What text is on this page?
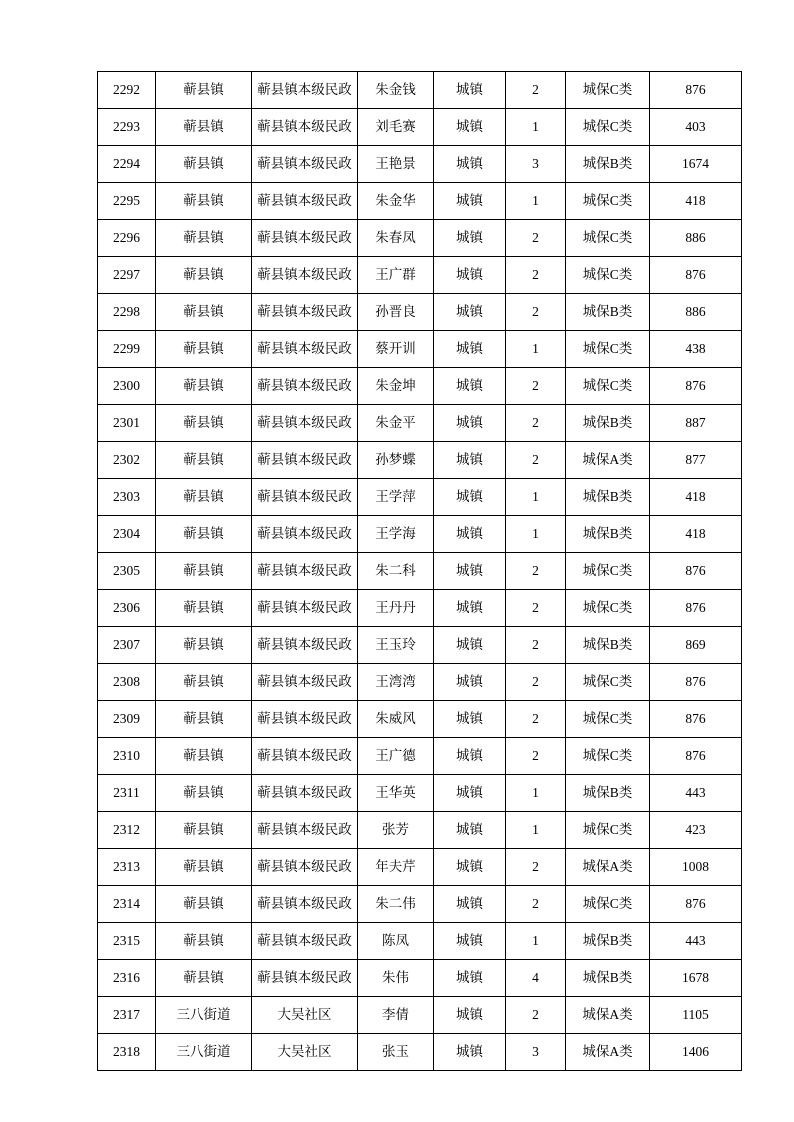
2292	蕲县镇	蕲县镇本级民政	朱金钱	城镇	2	城保C类	876
2293	蕲县镇	蕲县镇本级民政	刘毛赛	城镇	1	城保C类	403
2294	蕲县镇	蕲县镇本级民政	王艳景	城镇	3	城保B类	1674
2295	蕲县镇	蕲县镇本级民政	朱金华	城镇	1	城保C类	418
2296	蕲县镇	蕲县镇本级民政	朱春凤	城镇	2	城保C类	886
2297	蕲县镇	蕲县镇本级民政	王广群	城镇	2	城保C类	876
2298	蕲县镇	蕲县镇本级民政	孙晋良	城镇	2	城保B类	886
2299	蕲县镇	蕲县镇本级民政	蔡开训	城镇	1	城保C类	438
2300	蕲县镇	蕲县镇本级民政	朱金坤	城镇	2	城保C类	876
2301	蕲县镇	蕲县镇本级民政	朱金平	城镇	2	城保B类	887
2302	蕲县镇	蕲县镇本级民政	孙梦蝶	城镇	2	城保A类	877
2303	蕲县镇	蕲县镇本级民政	王学萍	城镇	1	城保B类	418
2304	蕲县镇	蕲县镇本级民政	王学海	城镇	1	城保B类	418
2305	蕲县镇	蕲县镇本级民政	朱二科	城镇	2	城保C类	876
2306	蕲县镇	蕲县镇本级民政	王丹丹	城镇	2	城保C类	876
2307	蕲县镇	蕲县镇本级民政	王玉玲	城镇	2	城保B类	869
2308	蕲县镇	蕲县镇本级民政	王湾湾	城镇	2	城保C类	876
2309	蕲县镇	蕲县镇本级民政	朱威风	城镇	2	城保C类	876
2310	蕲县镇	蕲县镇本级民政	王广德	城镇	2	城保C类	876
2311	蕲县镇	蕲县镇本级民政	王华英	城镇	1	城保B类	443
2312	蕲县镇	蕲县镇本级民政	张芳	城镇	1	城保C类	423
2313	蕲县镇	蕲县镇本级民政	年夫芹	城镇	2	城保A类	1008
2314	蕲县镇	蕲县镇本级民政	朱二伟	城镇	2	城保C类	876
2315	蕲县镇	蕲县镇本级民政	陈凤	城镇	1	城保B类	443
2316	蕲县镇	蕲县镇本级民政	朱伟	城镇	4	城保B类	1678
2317	三八街道	大吴社区	李倩	城镇	2	城保A类	1105
2318	三八街道	大吴社区	张玉	城镇	3	城保A类	1406
